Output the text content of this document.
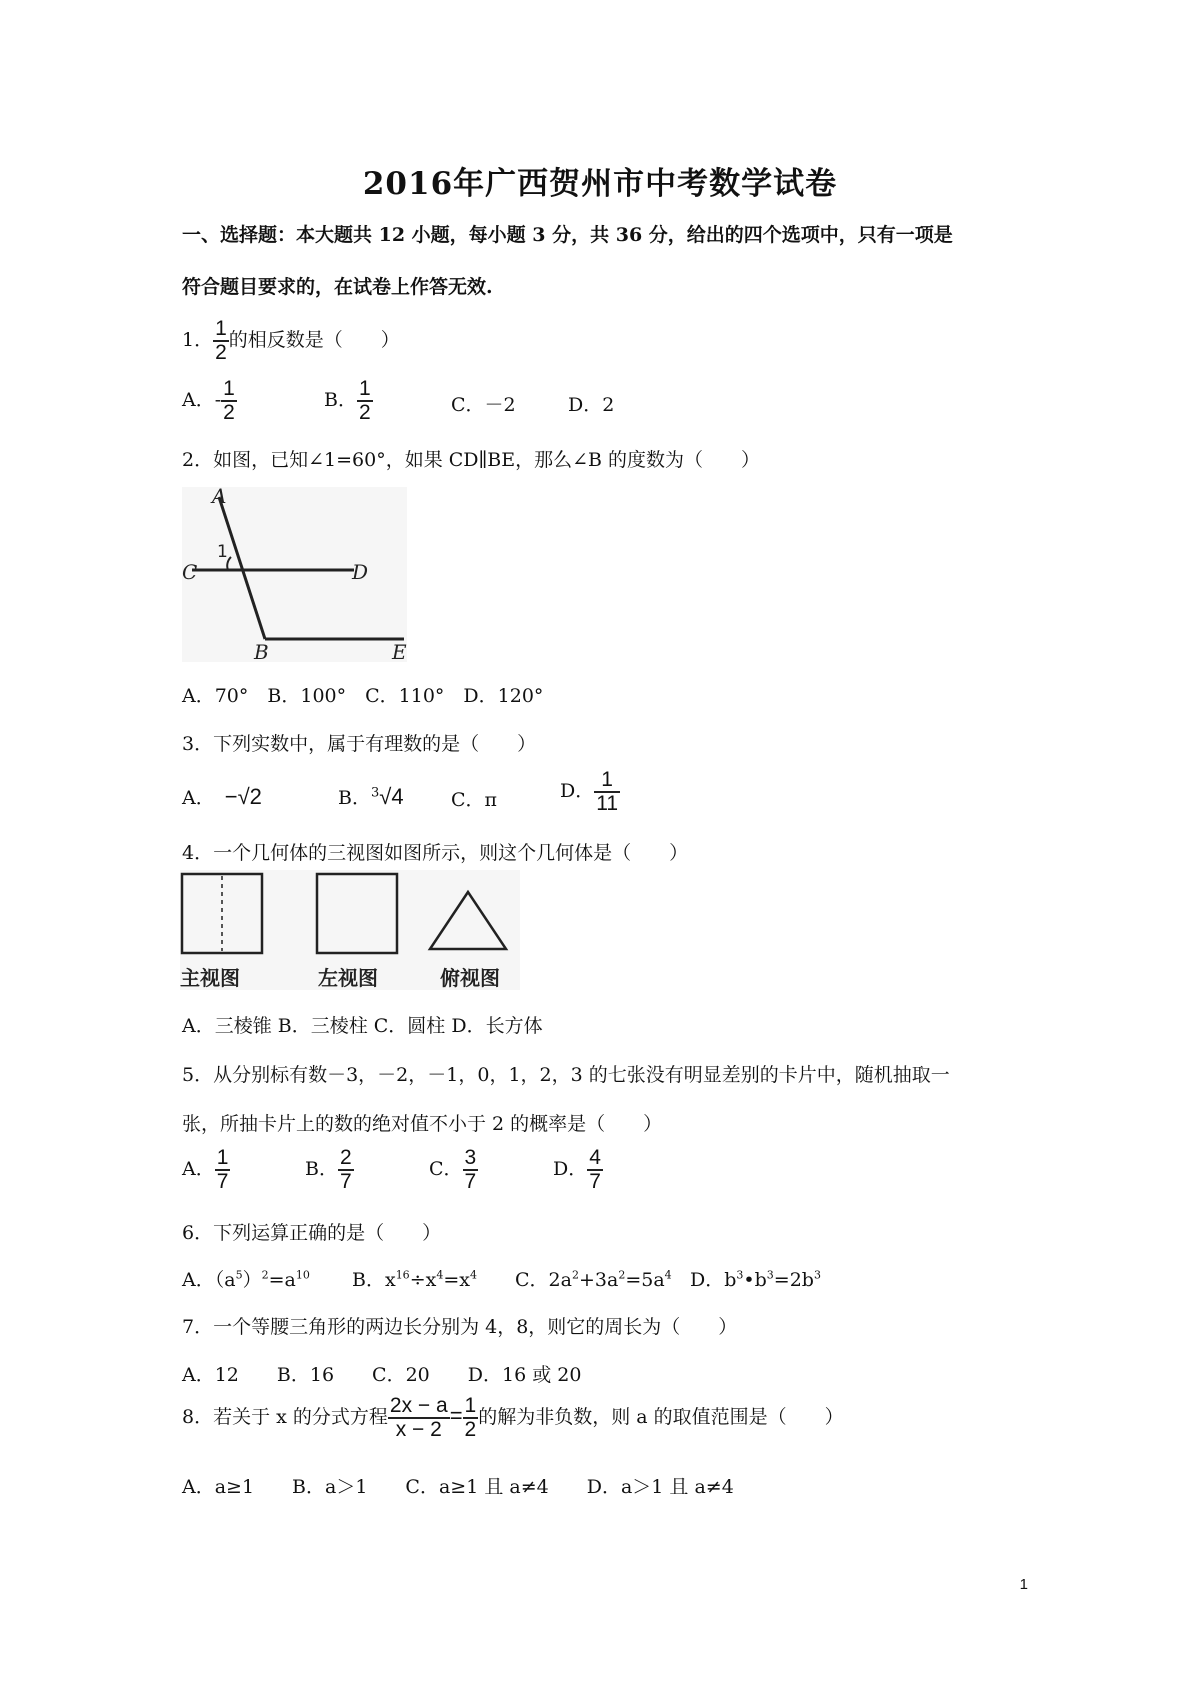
2016年广西贺州市中考数学试卷
一、选择题：本大题共 12 小题，每小题 3 分，共 36 分，给出的四个选项中，只有一项是
符合题目要求的，在试卷上作答无效.
1． $\frac{1}{2}$ 的相反数是（　　）
A．- $\frac{1}{2}$	B． $\frac{1}{2}$	C．－2	D．2
2．如图，已知∠1=60°，如果 CD∥BE，那么∠B 的度数为（　　）
A
1
C	D
B	E
A．70°　B．100°　C．110°　D．120°
3．下列实数中，属于有理数的是（　　）
A． −√2	B．$^3$√4 C．π	D． $\frac{1}{11}$
4．一个几何体的三视图如图所示，则这个几何体是（　　）
主视图	左视图	俯视图
A．三棱锥 B．三棱柱 C．圆柱 D．长方体
5．从分别标有数－3，－2，－1，0，1，2，3 的七张没有明显差别的卡片中，随机抽取一
张，所抽卡片上的数的绝对值不小于 2 的概率是（　　）
A． $\frac{1}{7}$	B． $\frac{2}{7}$	C． $\frac{3}{7}$	D． $\frac{4}{7}$
6．下列运算正确的是（　　）
A．$(a^5)^2=a^{10}$ B．$x^{16}\div x^4=x^4$ C．$2a^2+3a^2=5a^4$ D．$b^3•b^3=2b^3$
7．一个等腰三角形的两边长分别为 4，8，则它的周长为（　　）
A．12　　B．16　　C．20　　D．16 或 20
8．若关于 x 的分式方程 $\frac{2x - a}{x - 2} = \frac{1}{2}$ 的解为非负数，则 a 的取值范围是（　　）
A．a≥1　　B．a＞1　　C．a≥1 且 a≠4　　D．a＞1 且 a≠4
1
